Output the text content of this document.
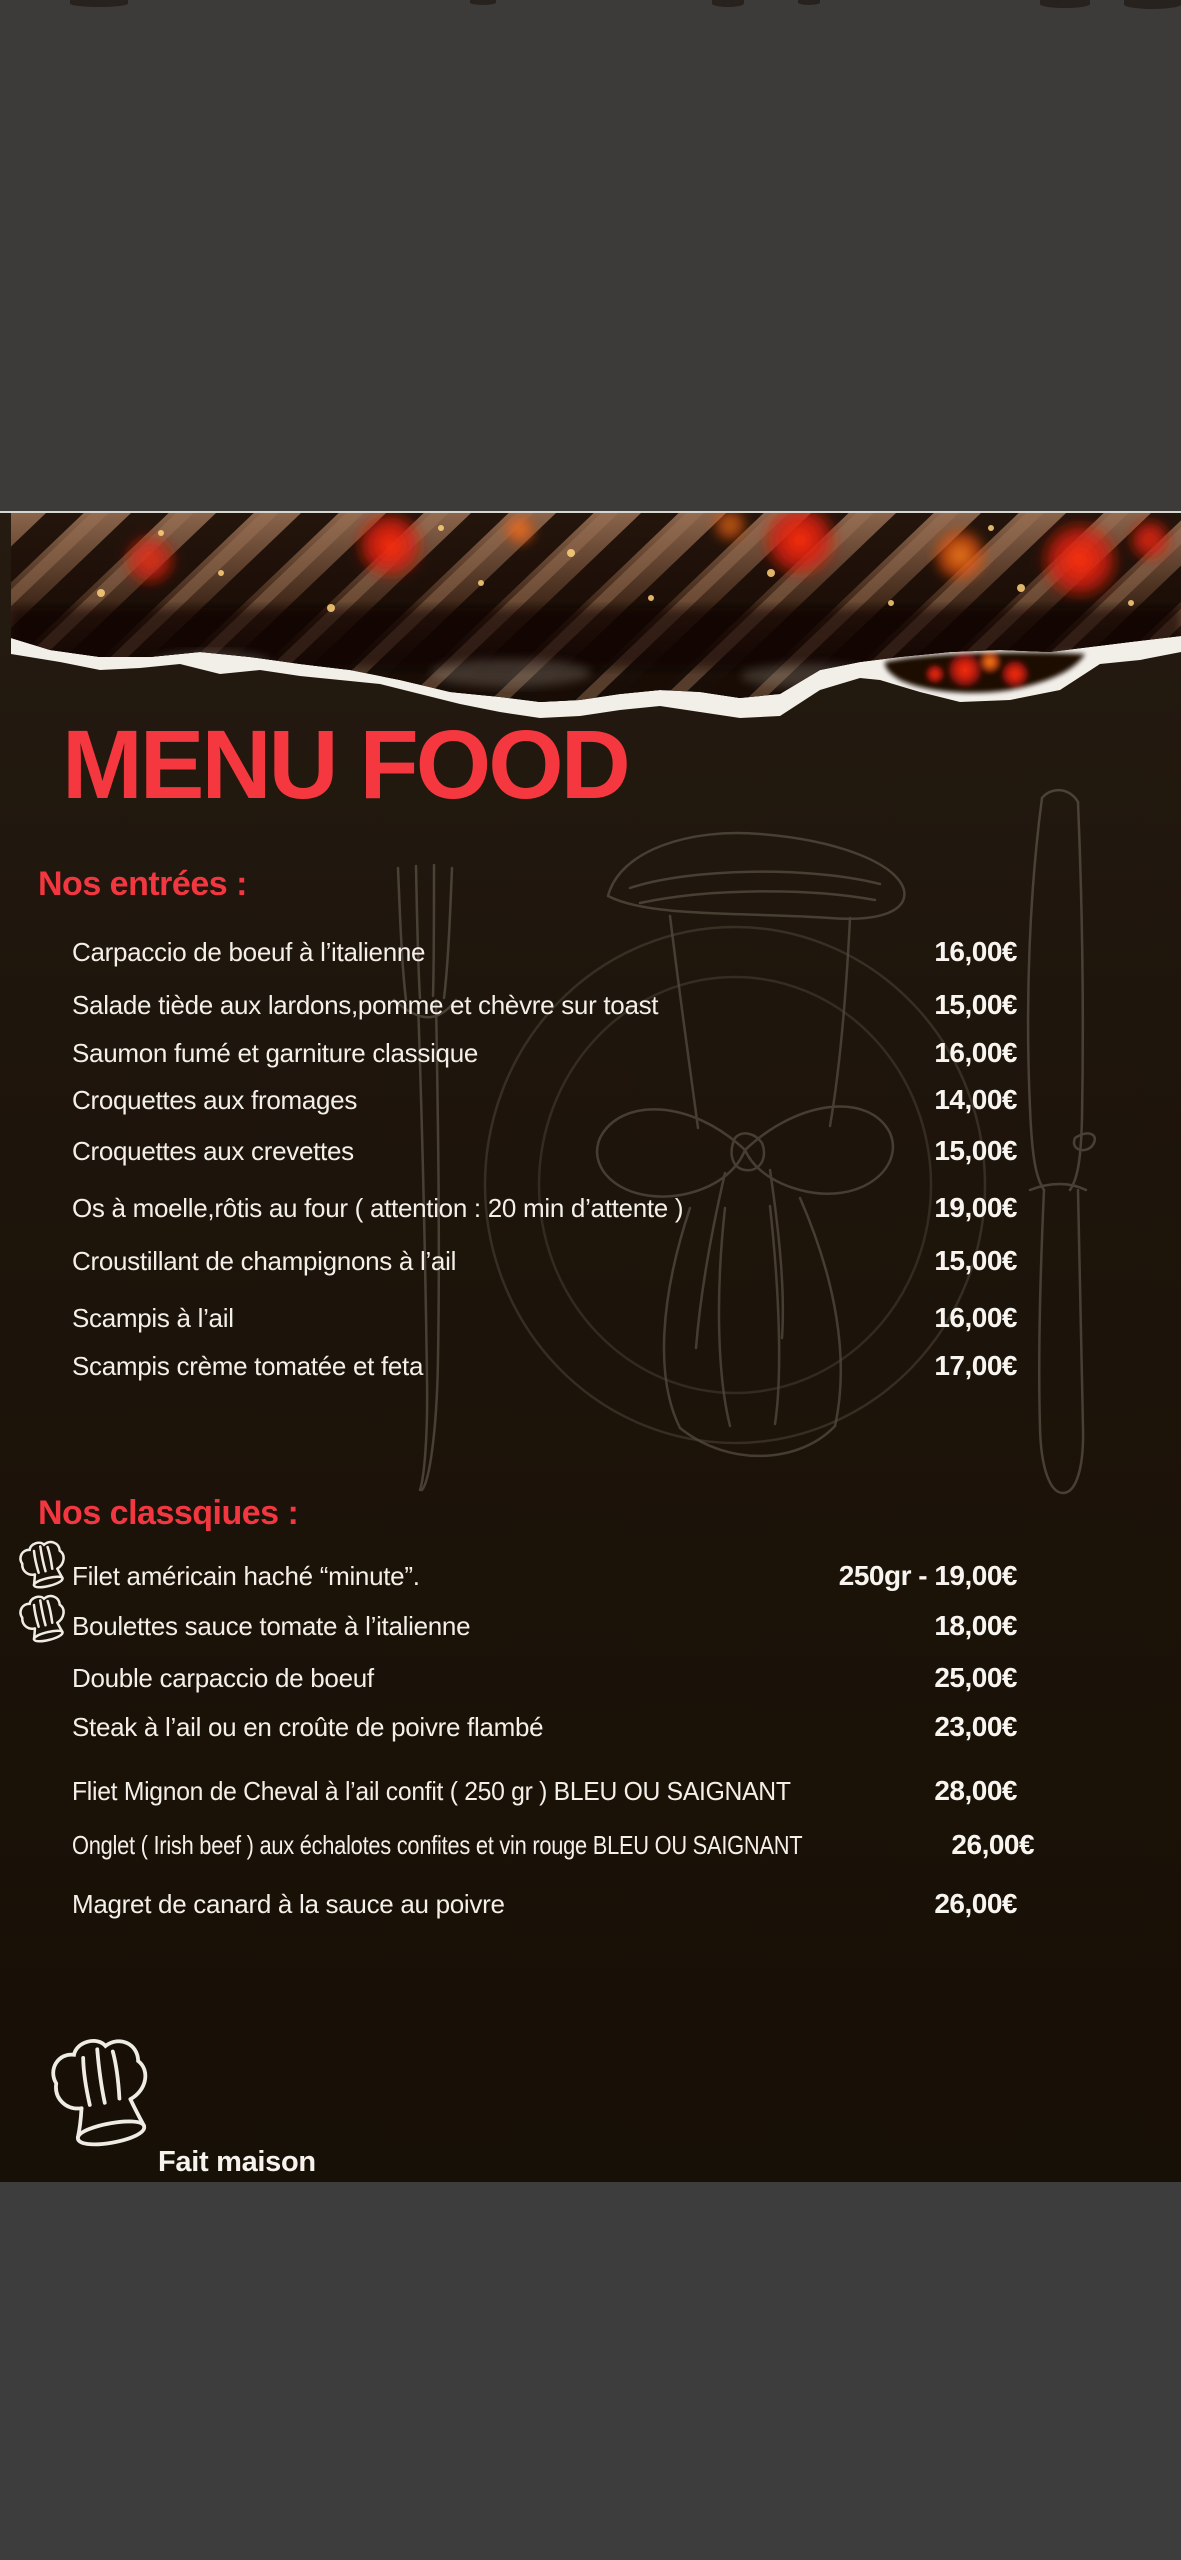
MENU FOOD
Nos entrées :
Carpaccio de boeuf à l’italienne	16,00€
Salade tiède aux lardons,pomme et chèvre sur toast	15,00€
Saumon fumé et garniture classique	16,00€
Croquettes aux fromages	14,00€
Croquettes aux crevettes	15,00€
Os à moelle,rôtis au four ( attention : 20 min d’attente )	19,00€
Croustillant de champignons à l’ail	15,00€
Scampis à l’ail	16,00€
Scampis crème tomatée et feta	17,00€
Nos classqiues :
Filet américain haché “minute”.	250gr - 19,00€
Boulettes sauce tomate à l’italienne	18,00€
Double carpaccio de boeuf	25,00€
Steak à l’ail ou en croûte de poivre flambé	23,00€
Fliet Mignon de Cheval à l’ail confit ( 250 gr ) BLEU OU SAIGNANT	28,00€
Onglet ( Irish beef ) aux échalotes confites et vin rouge BLEU OU SAIGNANT	26,00€
Magret de canard à la sauce au poivre	26,00€
Fait maison
